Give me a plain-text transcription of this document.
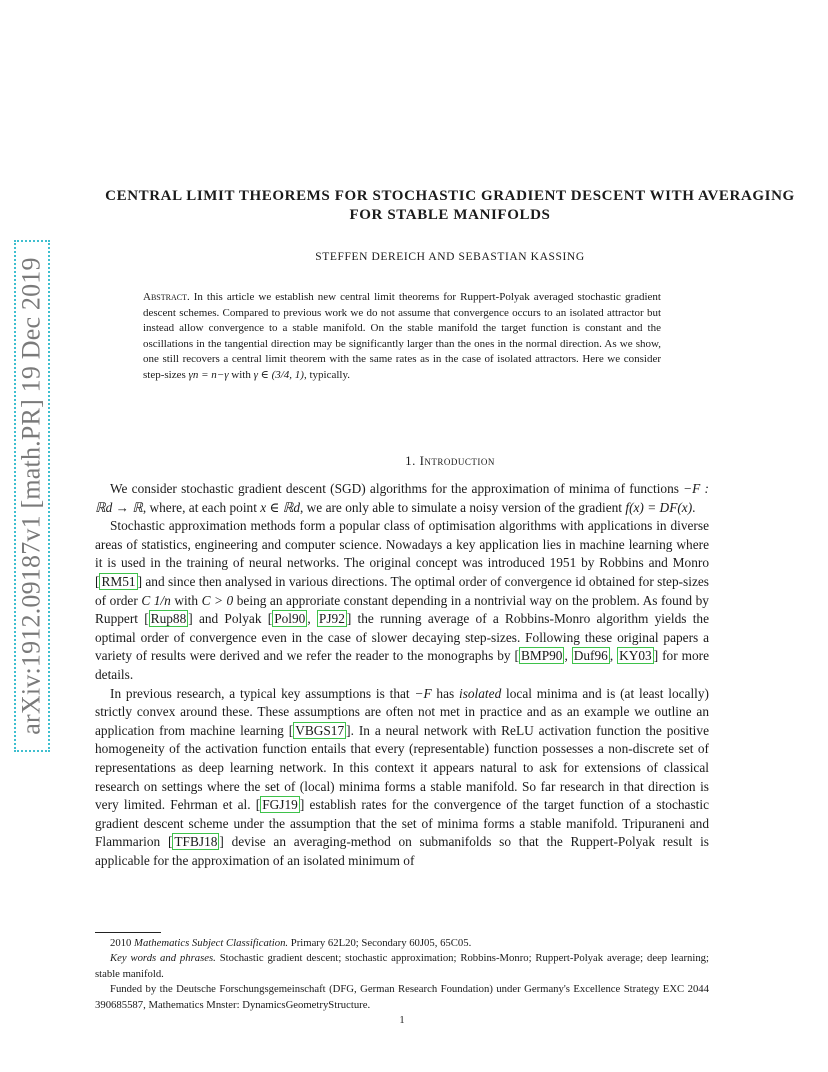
arXiv:1912.09187v1 [math.PR] 19 Dec 2019
CENTRAL LIMIT THEOREMS FOR STOCHASTIC GRADIENT DESCENT WITH AVERAGING FOR STABLE MANIFOLDS
STEFFEN DEREICH AND SEBASTIAN KASSING

Abstract. In this article we establish new central limit theorems for Ruppert-Polyak averaged stochastic gradient descent schemes. Compared to previous work we do not assume that convergence occurs to an isolated attractor but instead allow convergence to a stable manifold. On the stable manifold the target function is constant and the oscillations in the tangential direction may be significantly larger than the ones in the normal direction. As we show, one still recovers a central limit theorem with the same rates as in the case of isolated attractors. Here we consider step-sizes γn = n−γ with γ ∈ (3/4, 1), typically.

1. Introduction

We consider stochastic gradient descent (SGD) algorithms for the approximation of minima of functions −F : ℝd → ℝ, where, at each point x ∈ ℝd, we are only able to simulate a noisy version of the gradient f(x) = DF(x).

Stochastic approximation methods form a popular class of optimisation algorithms with applications in diverse areas of statistics, engineering and computer science. Nowadays a key application lies in machine learning where it is used in the training of neural networks. The original concept was introduced 1951 by Robbins and Monro [ RM51 ] and since then analysed in various directions. The optimal order of convergence id obtained for step-sizes of order C 1/n with C > 0 being an approriate constant depending in a nontrivial way on the problem. As found by Ruppert [ Rup88 ] and Polyak [ Pol90 , PJ92 ] the running average of a Robbins-Monro algorithm yields the optimal order of convergence even in the case of slower decaying step-sizes. Following these original papers a variety of results were derived and we refer the reader to the monographs by [ BMP90 , Duf96 , KY03 ] for more details.

In previous research, a typical key assumptions is that −F has isolated local minima and is (at least locally) strictly convex around these. These assumptions are often not met in practice and as an example we outline an application from machine learning [ VBGS17 ]. In a neural network with ReLU activation function the positive homogeneity of the activation function entails that every (representable) function possesses a non-discrete set of representations as deep learning network. In this context it appears natural to ask for extensions of classical research on settings where the set of (local) minima forms a stable manifold. So far research in that direction is very limited. Fehrman et al. [ FGJ19 ] establish rates for the convergence of the target function of a stochastic gradient descent scheme under the assumption that the set of minima forms a stable manifold. Tripuraneni and Flammarion [ TFBJ18 ] devise an averaging-method on submanifolds so that the Ruppert-Polyak result is applicable for the approximation of an isolated minimum of

2010 Mathematics Subject Classification. Primary 62L20; Secondary 60J05, 65C05.

Key words and phrases. Stochastic gradient descent; stochastic approximation; Robbins-Monro; Ruppert-Polyak average; deep learning; stable manifold.

Funded by the Deutsche Forschungsgemeinschaft (DFG, German Research Foundation) under Germany's Excellence Strategy EXC 2044 390685587, Mathematics Mnster: DynamicsGeometryStructure.

1
